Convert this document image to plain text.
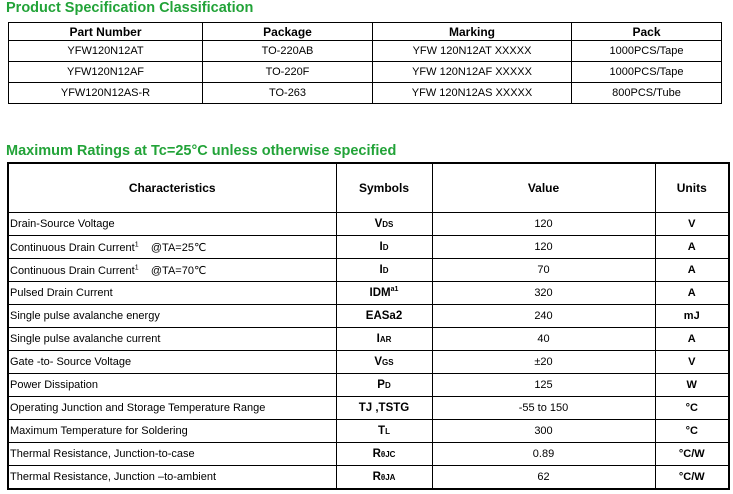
Product Specification Classification
Part Number	Package	Marking	Pack
YFW120N12AT	TO-220AB	YFW 120N12AT XXXXX	1000PCS/Tape
YFW120N12AF	TO-220F	YFW 120N12AF XXXXX	1000PCS/Tape
YFW120N12AS-R	TO-263	YFW 120N12AS XXXXX	800PCS/Tube
Maximum Ratings at Tc=25°C unless otherwise specified
Characteristics	Symbols	Value	Units
Drain-Source Voltage	VDS	120	V
Continuous Drain Current$^1$ @TA=25℃	ID	120	A
Continuous Drain Current$^1$ @TA=70℃	ID	70	A
Pulsed Drain Current	$IDM^{a1}$	320	A
Single pulse avalanche energy	EASa2	240	mJ
Single pulse avalanche current	IAR	40	A
Gate -to- Source Voltage	VGS	±20	V
Power Dissipation	PD	125	W
Operating Junction and Storage Temperature Range	TJ ,TSTG	-55 to 150	°C
Maximum Temperature for Soldering	TL	300	°C
Thermal Resistance, Junction-to-case	RθJC	0.89	°C/W
Thermal Resistance, Junction –to-ambient	RθJA	62	°C/W
